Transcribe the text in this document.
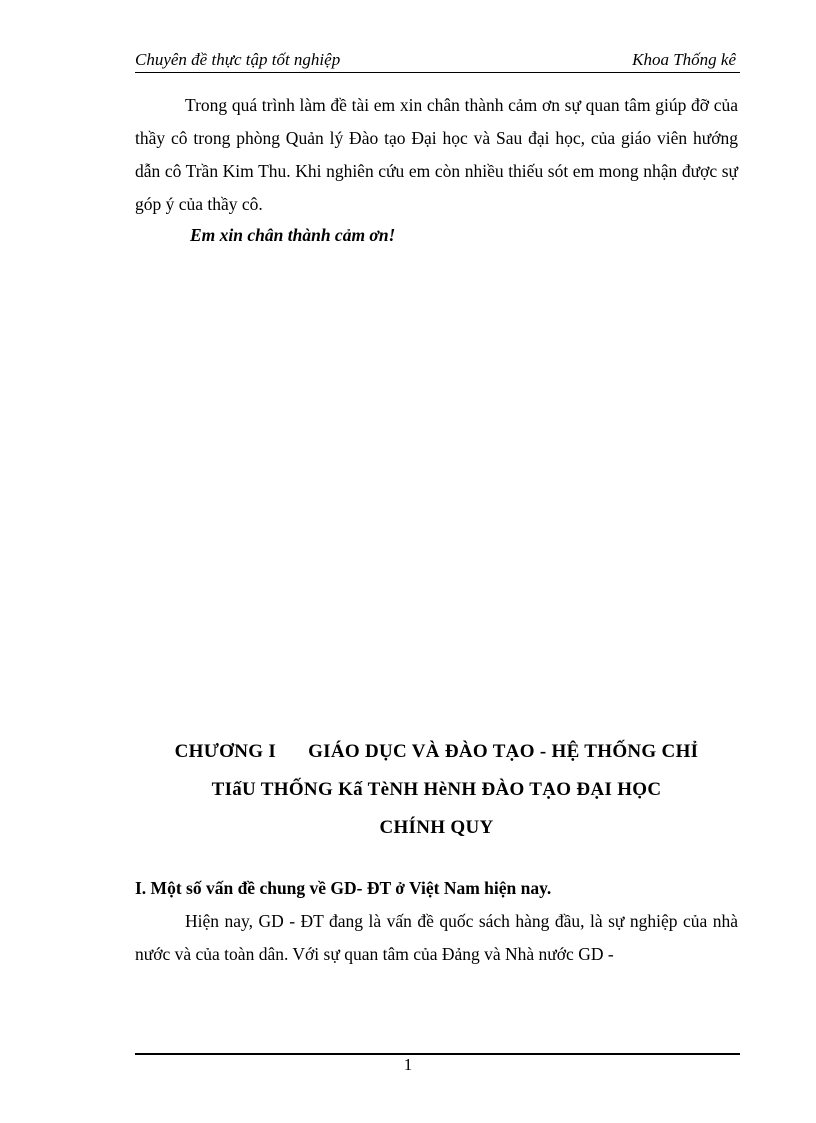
Chuyên đề thực tập tốt nghiệp	Khoa Thống kê

Trong quá trình làm đề tài em xin chân thành cảm ơn sự quan tâm giúp đỡ của thầy cô trong phòng Quản lý Đào tạo Đại học và Sau đại học, của giáo viên hướng dẫn cô Trần Kim Thu. Khi nghiên cứu em còn nhiều thiếu sót em mong nhận được sự góp ý của thầy cô.

Em xin chân thành cảm ơn!
CHƯƠNG I GIÁO DỤC VÀ ĐÀO TẠO - HỆ THỐNG CHỈ
TIấU THỐNG Kấ TèNH HèNH ĐÀO TẠO ĐẠI HỌC
CHÍNH QUY
I. Một số vấn đề chung về GD- ĐT ở Việt Nam hiện nay.

Hiện nay, GD - ĐT đang là vấn đề quốc sách hàng đầu, là sự nghiệp của nhà nước và của toàn dân. Với sự quan tâm của Đảng và Nhà nước GD -

1
